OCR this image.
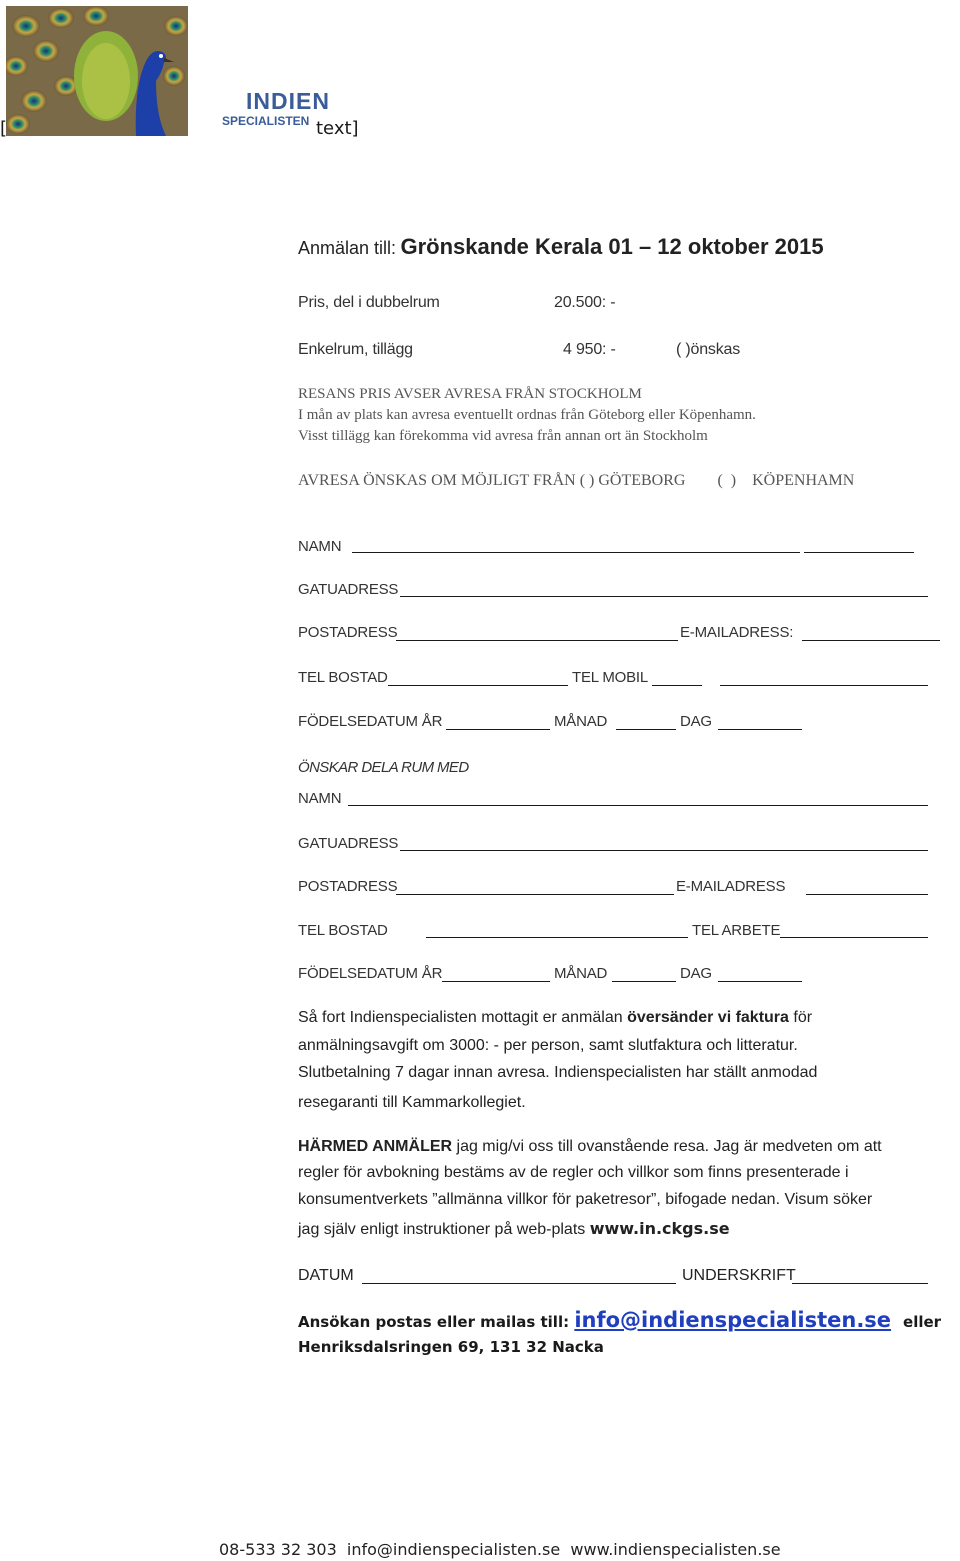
INDIEN
SPECIALISTEN
[	text]
Anmälan till: Grönskande Kerala 01 – 12 oktober 2015
Pris, del i dubbelrum	20.500: -
Enkelrum, tillägg	4 950: -	( )önskas
RESANS PRIS AVSER AVRESA FRÅN STOCKHOLM
I mån av plats kan avresa eventuellt ordnas från Göteborg eller Köpenhamn.
Visst tillägg kan förekomma vid avresa från annan ort än Stockholm
AVRESA ÖNSKAS OM MÖJLIGT FRÅN ( ) GÖTEBORG        (  )    KÖPENHAMN
NAMN
GATUADRESS
POSTADRESS	E-MAILADRESS:
TEL BOSTAD	TEL MOBIL
FÖDELSEDATUM ÅR	MÅNAD	DAG
ÖNSKAR DELA RUM MED
NAMN
GATUADRESS
POSTADRESS	E-MAILADRESS
TEL BOSTAD	TEL ARBETE
FÖDELSEDATUM ÅR	MÅNAD	DAG
Så fort Indienspecialisten mottagit er anmälan översänder vi faktura för
anmälningsavgift om 3000: - per person, samt slutfaktura och litteratur.
Slutbetalning 7 dagar innan avresa. Indienspecialisten har ställt anmodad
resegaranti till Kammarkollegiet.
HÄRMED ANMÄLER jag mig/vi oss till ovanstående resa. Jag är medveten om att
regler för avbokning bestäms av de regler och villkor som finns presenterade i
konsumentverkets ”allmänna villkor för paketresor”, bifogade nedan. Visum söker
jag själv enligt instruktioner på web-plats www.in.ckgs.se
DATUM	UNDERSKRIFT
Ansökan postas eller mailas till: info@indienspecialisten.se eller
Henriksdalsringen 69, 131 32 Nacka
08-533 32 303  info@indienspecialisten.se  www.indienspecialisten.se
